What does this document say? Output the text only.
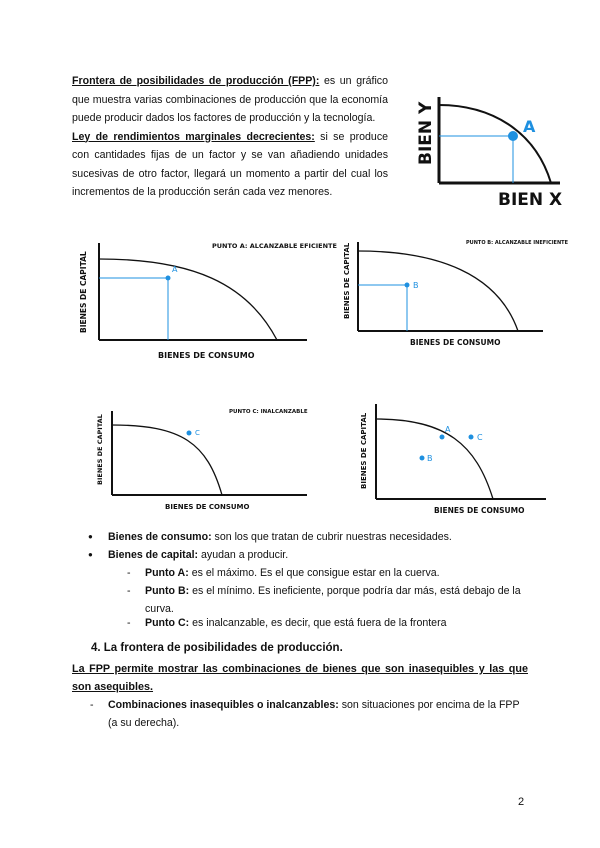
Frontera de posibilidades de producción (FPP): es un gráfico que muestra varias combinaciones de producción que la economía puede producir dados los factores de producción y la tecnología.
Ley de rendimientos marginales decrecientes: si se produce con cantidades fijas de un factor y se van añadiendo unidades sucesivas de otro factor, llegará un momento a partir del cual los incrementos de la producción serán cada vez menores.
A
BIEN Y
BIEN X
PUNTO A: ALCANZABLE EFICIENTE
A
BIENES DE CAPITAL
BIENES DE CONSUMO
PUNTO B: ALCANZABLE INEFICIENTE
B
BIENES DE CAPITAL
BIENES DE CONSUMO
PUNTO C: INALCANZABLE
C
BIENES DE CAPITAL
BIENES DE CONSUMO
A
B
C
BIENES DE CAPITAL
BIENES DE CONSUMO
● Bienes de consumo: son los que tratan de cubrir nuestras necesidades.
● Bienes de capital: ayudan a producir.
- Punto A: es el máximo. Es el que consigue estar en la cuerva.
- Punto B: es el mínimo. Es ineficiente, porque podría dar más, está debajo de la curva.
- Punto C: es inalcanzable, es decir, que está fuera de la frontera
4. La frontera de posibilidades de producción.
La FPP permite mostrar las combinaciones de bienes que son inasequibles y las que son asequibles.
- Combinaciones inasequibles o inalcanzables: son situaciones por encima de la FPP (a su derecha).
2
